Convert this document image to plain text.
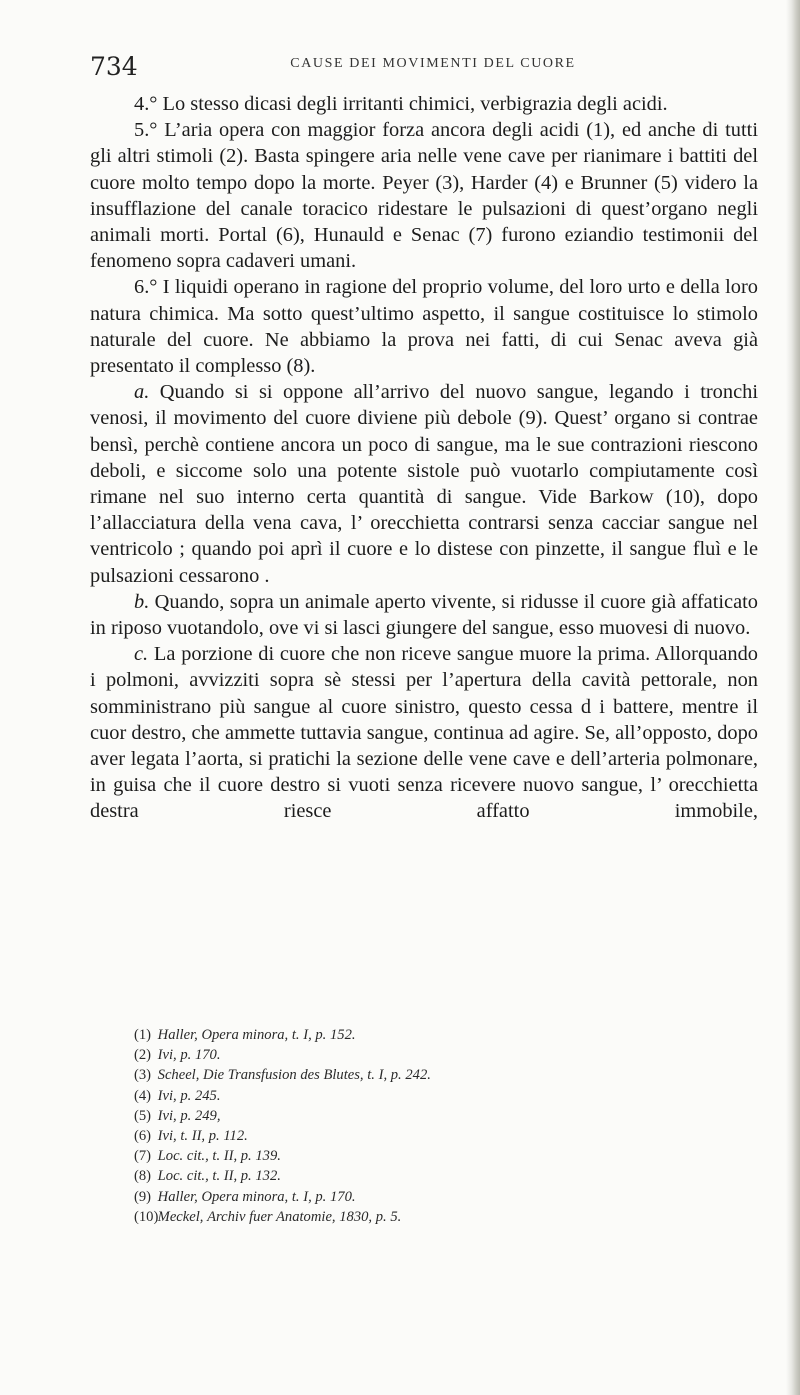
734	CAUSE DEI MOVIMENTI DEL CUORE

4.° Lo stesso dicasi degli irritanti chimici, verbigrazia degli acidi.

5.° L’aria opera con maggior forza ancora degli acidi (1), ed anche di tutti gli altri stimoli (2). Basta spingere aria nelle vene cave per rianimare i battiti del cuore molto tempo dopo la morte. Peyer (3), Harder (4) e Brunner (5) videro la insufflazione del canale toracico ridestare le pulsazioni di quest’organo negli animali morti. Portal (6), Hunauld e Senac (7) furono eziandio testimonii del fenomeno sopra cadaveri umani.

6.° I liquidi operano in ragione del proprio volume, del loro urto e della loro natura chimica. Ma sotto quest’ultimo aspetto, il sangue costituisce lo stimolo naturale del cuore. Ne abbiamo la prova nei fatti, di cui Senac aveva già presentato il complesso (8).

a. Quando si si oppone all’arrivo del nuovo sangue, legando i tronchi venosi, il movimento del cuore diviene più debole (9). Quest’ organo si contrae bensì, perchè contiene ancora un poco di sangue, ma le sue contrazioni riescono deboli, e siccome solo una potente sistole può vuotarlo compiutamente così rimane nel suo interno certa quantità di sangue. Vide Barkow (10), dopo l’allacciatura della vena cava, l’ orecchietta contrarsi senza cacciar sangue nel ventricolo ; quando poi aprì il cuore e lo distese con pinzette, il sangue fluì e le pulsazioni cessarono .

b. Quando, sopra un animale aperto vivente, si ridusse il cuore già affaticato in riposo vuotandolo, ove vi si lasci giungere del sangue, esso muovesi di nuovo.

c. La porzione di cuore che non riceve sangue muore la prima. Allorquando i polmoni, avvizziti sopra sè stessi per l’apertura della cavità pettorale, non somministrano più sangue al cuore sinistro, questo cessa d i battere, mentre il cuor destro, che ammette tuttavia sangue, continua ad agire. Se, all’opposto, dopo aver legata l’aorta, si pratichi la sezione delle vene cave e dell’arteria polmonare, in guisa che il cuore destro si vuoti senza ricevere nuovo sangue, l’ orecchietta destra riesce affatto immobile,

(1) Haller, Opera minora, t. I, p. 152.
(2) Ivi, p. 170.
(3) Scheel, Die Transfusion des Blutes, t. I, p. 242.
(4) Ivi, p. 245.
(5) Ivi, p. 249,
(6) Ivi, t. II, p. 112.
(7) Loc. cit., t. II, p. 139.
(8) Loc. cit., t. II, p. 132.
(9) Haller, Opera minora, t. I, p. 170.
(10) Meckel, Archiv fuer Anatomie, 1830, p. 5.
